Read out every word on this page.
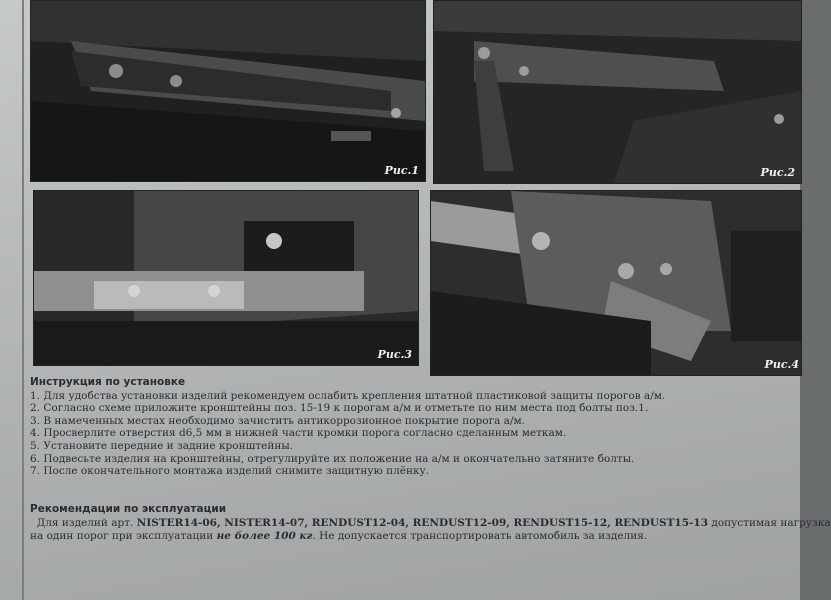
Рис.1	Рис.2
Рис.3
Рис.4
Инструкция по установке
1. Для удобства установки изделий рекомендуем ослабить крепления штатной пластиковой защиты порогов а/м.
2. Согласно схеме приложите кронштейны поз. 15-19 к порогам а/м и отметьте по ним места под болты поз.1.
3. В намеченных местах необходимо зачистить антикоррозионное покрытие порога а/м.
4. Просверлите отверстия d6,5 мм в нижней части кромки порога согласно сделанным меткам.
5. Установите передние и задние кронштейны.
6. Подвесьте изделия на кронштейны, отрегулируйте их положение на а/м и окончательно затяните болты.
7. После окончательного монтажа изделий снимите защитную плёнку.
Рекомендации по эксплуатации

Для изделий арт. NISTER14-06, NISTER14-07, RENDUST12-04, RENDUST12-09, RENDUST15-12, RENDUST15-13 допустимая нагрузка

на один порог при эксплуатации не более 100 кг. Не допускается транспортировать автомобиль за изделия.
